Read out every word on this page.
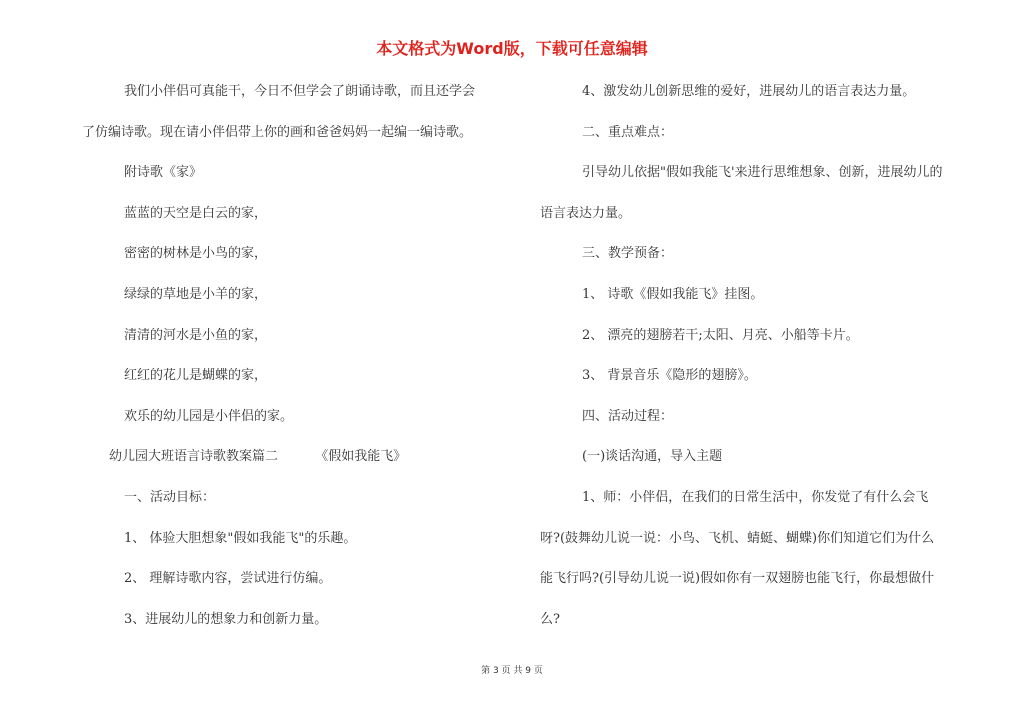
本文格式为Word版，下载可任意编辑
我们小伴侣可真能干，今日不但学会了朗诵诗歌，而且还学会
了仿编诗歌。现在请小伴侣带上你的画和爸爸妈妈一起编一编诗歌。
附诗歌《家》
蓝蓝的天空是白云的家，
密密的树林是小鸟的家，
绿绿的草地是小羊的家，
清清的河水是小鱼的家，
红红的花儿是蝴蝶的家，
欢乐的幼儿园是小伴侣的家。
幼儿园大班语言诗歌教案篇二         《假如我能飞》
一、活动目标：
1、 体验大胆想象"假如我能飞"的乐趣。
2、 理解诗歌内容，尝试进行仿编。
3、进展幼儿的想象力和创新力量。
4、激发幼儿创新思维的爱好，进展幼儿的语言表达力量。
二、重点难点：
引导幼儿依据"假如我能飞'来进行思维想象、创新，进展幼儿的
语言表达力量。
三、教学预备：
1、 诗歌《假如我能飞》挂图。
2、 漂亮的翅膀若干;太阳、月亮、小船等卡片。
3、 背景音乐《隐形的翅膀》。
四、活动过程：
(一)谈话沟通，导入主题
1、师：小伴侣，在我们的日常生活中，你发觉了有什么会飞
呀?(鼓舞幼儿说一说：小鸟、飞机、蜻蜓、蝴蝶)你们知道它们为什么
能飞行吗?(引导幼儿说一说)假如你有一双翅膀也能飞行，你最想做什
么?
第 3 页 共 9 页
